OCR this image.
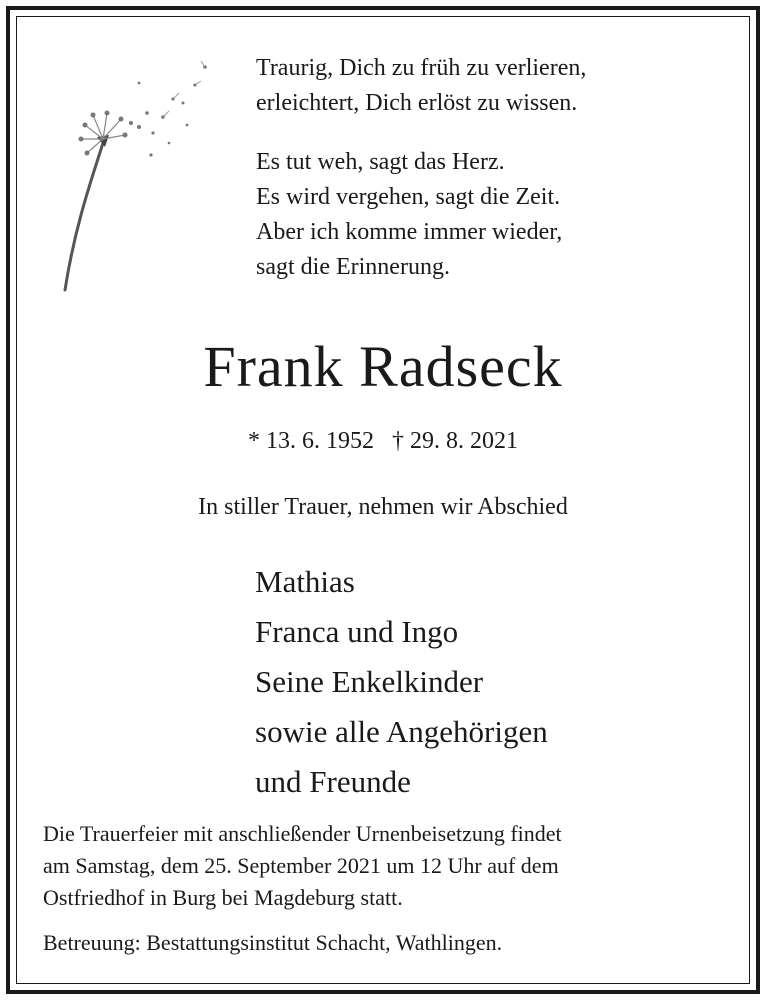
Traurig, Dich zu früh zu verlieren,
erleichtert, Dich erlöst zu wissen.
Es tut weh, sagt das Herz.
Es wird vergehen, sagt die Zeit.
Aber ich komme immer wieder,
sagt die Erinnerung.
Frank Radseck
* 13. 6. 1952   † 29. 8. 2021
In stiller Trauer, nehmen wir Abschied
Mathias
Franca und Ingo
Seine Enkelkinder
sowie alle Angehörigen
und Freunde
Die Trauerfeier mit anschließender Urnenbeisetzung findet
am Samstag, dem 25. September 2021 um 12 Uhr auf dem
Ostfriedhof in Burg bei Magdeburg statt.
Betreuung: Bestattungsinstitut Schacht, Wathlingen.
